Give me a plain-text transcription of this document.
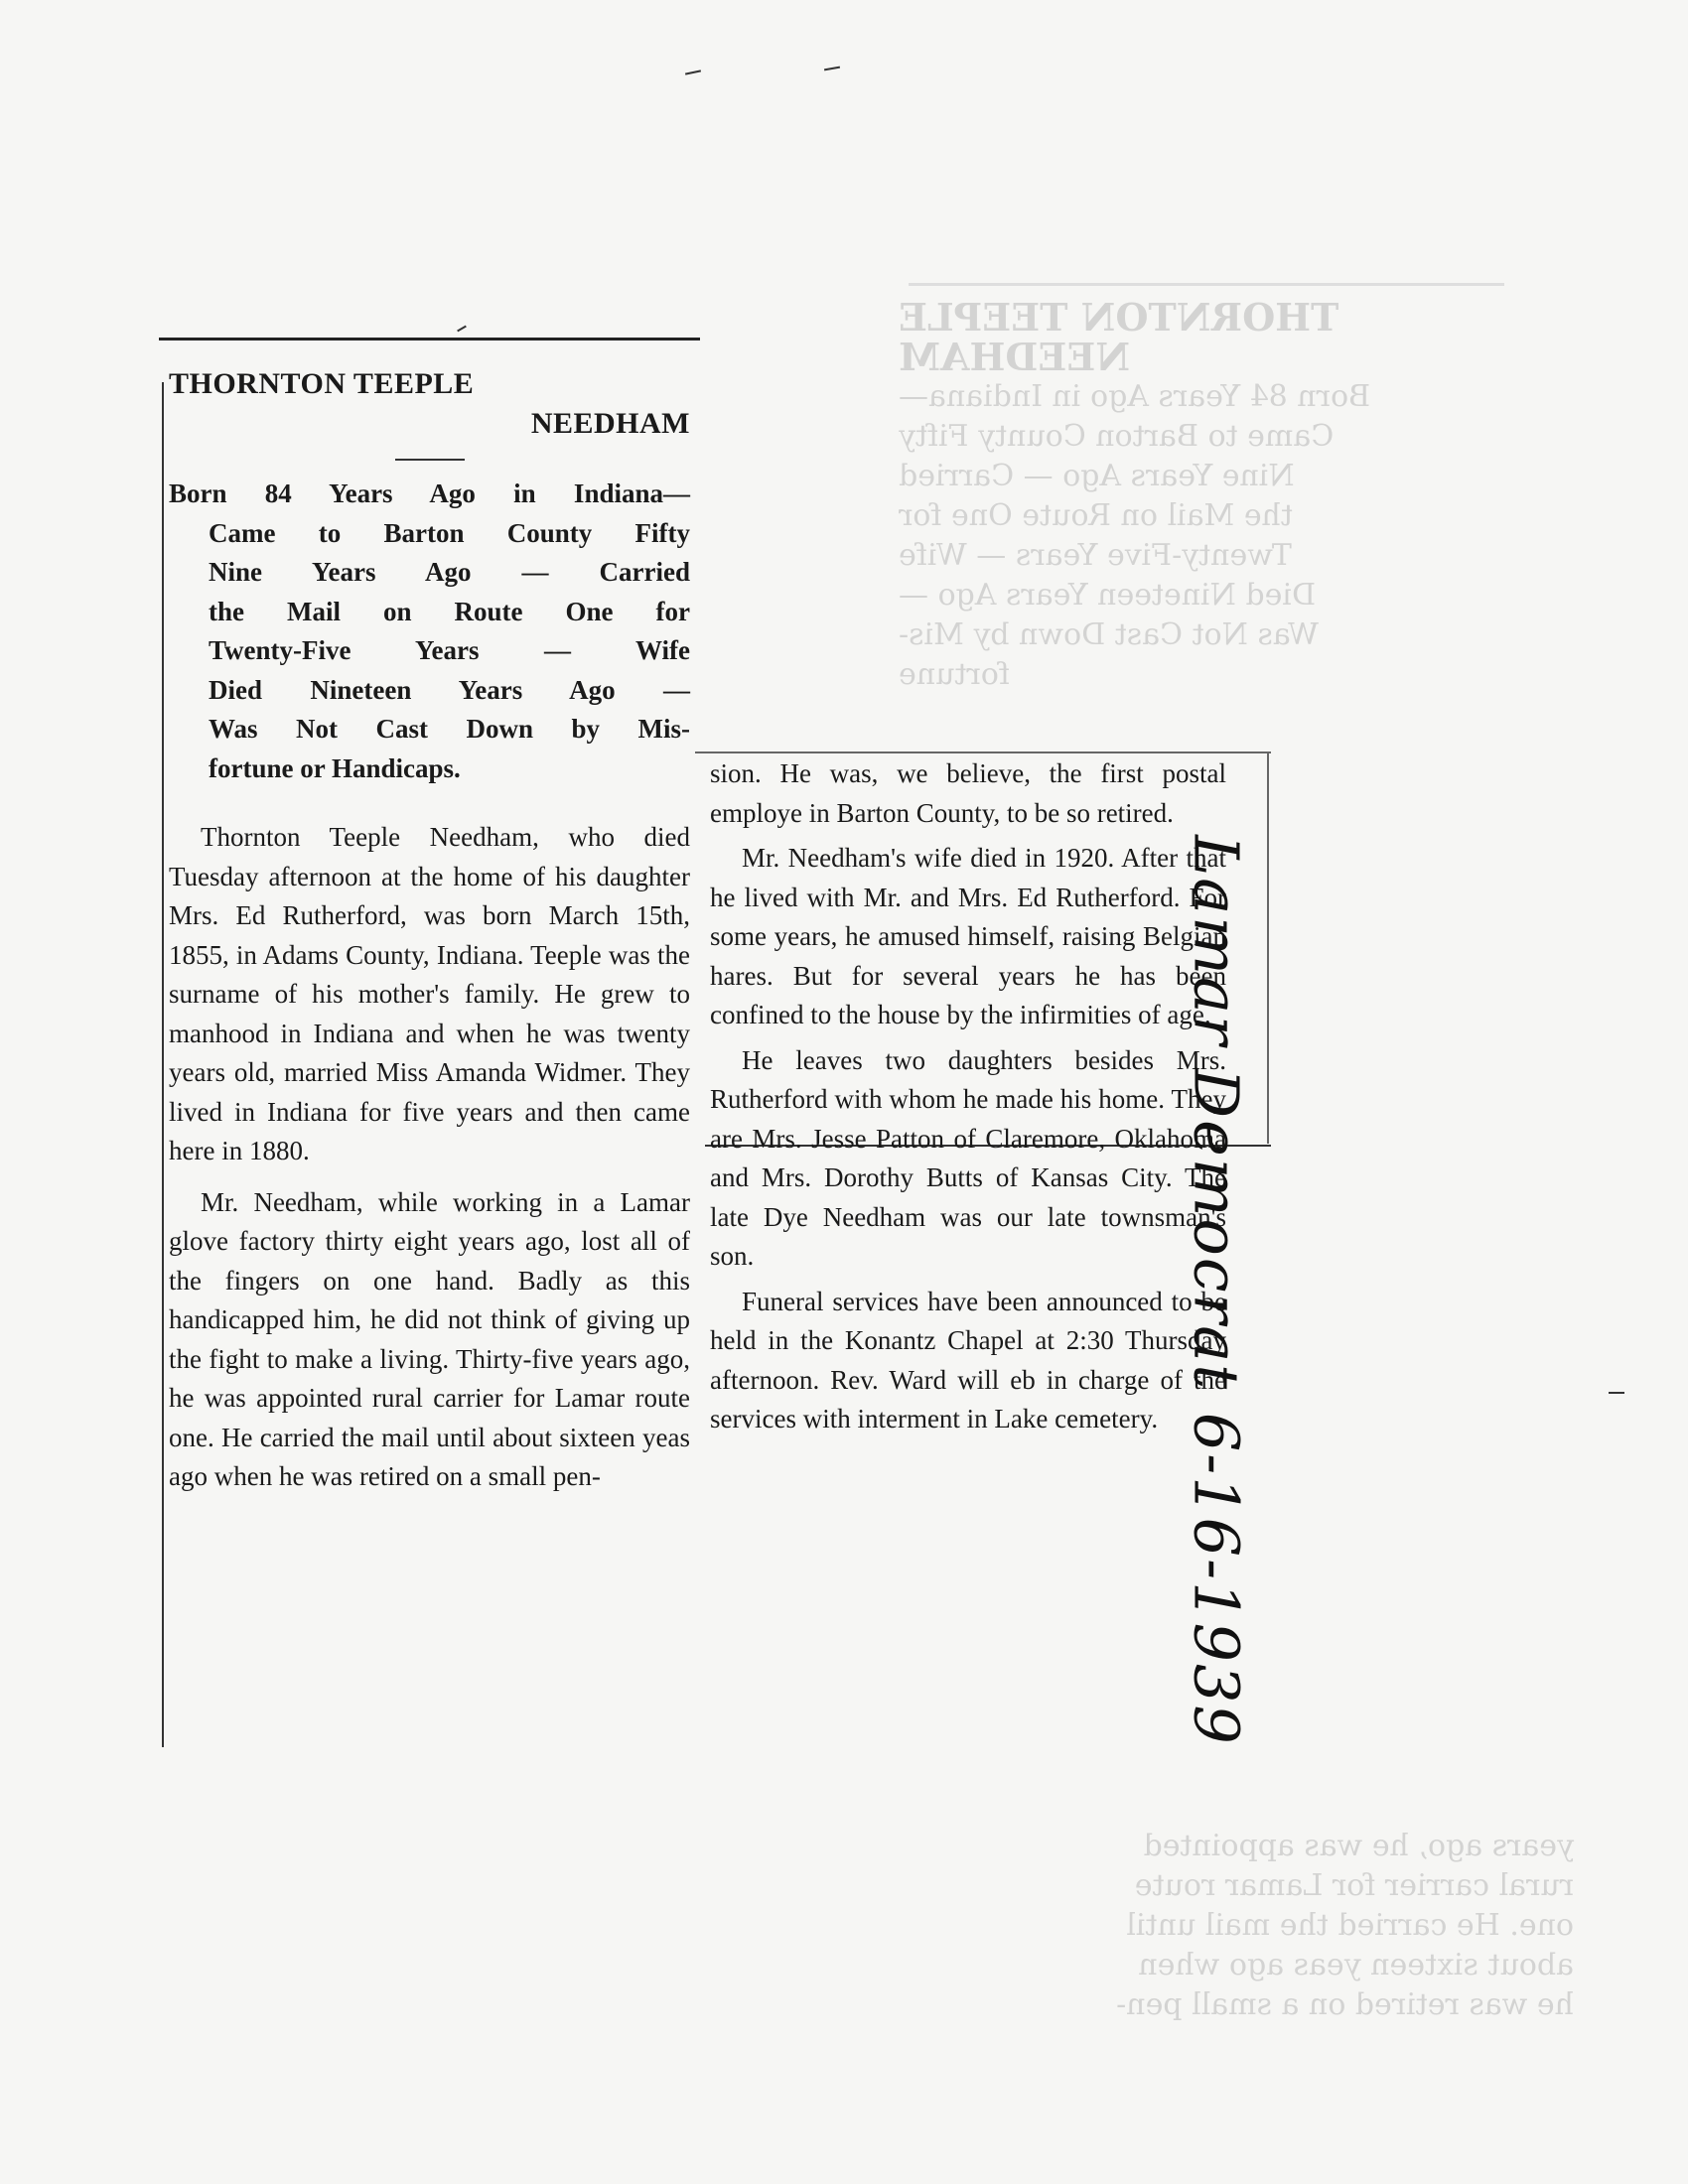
THORNTON TEEPLE
NEEDHAM
Born 84 Years Ago in Indiana—
Came to Barton County Fifty
Nine Years Ago — Carried
the Mail on Route One for
Twenty-Five Years — Wife
Died Nineteen Years Ago —
Was Not Cast Down by Mis-
fortune
years ago, he was appointed
rural carrier for Lamar route
one. He carried the mail until
about sixteen yeas ago when
he was retired on a small pen-
THORNTON TEEPLE
NEEDHAM
Born 84 Years Ago in Indiana—
Came to Barton County Fifty
Nine Years Ago — Carried
the Mail on Route One for
Twenty-Five Years — Wife
Died Nineteen Years Ago —
Was Not Cast Down by Mis-
fortune or Handicaps.

Thornton Teeple Needham, who died Tuesday afternoon at the home of his daughter Mrs. Ed Rutherford, was born March 15th, 1855, in Adams County, Indiana. Teeple was the surname of his mother's family. He grew to manhood in Indiana and when he was twenty years old, married Miss Amanda Widmer. They lived in Indiana for five years and then came here in 1880.

Mr. Needham, while working in a Lamar glove factory thirty eight years ago, lost all of the fingers on one hand. Badly as this handicapped him, he did not think of giving up the fight to make a living. Thirty-five years ago, he was appointed rural carrier for Lamar route one. He carried the mail until about sixteen yeas ago when he was retired on a small pen-

sion. He was, we believe, the first postal employe in Barton County, to be so retired.

Mr. Needham's wife died in 1920. After that he lived with Mr. and Mrs. Ed Rutherford. For some years, he amused himself, raising Belgian hares. But for several years he has been confined to the house by the infirmities of age.

He leaves two daughters besides Mrs. Rutherford with whom he made his home. They are Mrs. Jesse Patton of Claremore, Oklahoma and Mrs. Dorothy Butts of Kansas City. The late Dye Needham was our late townsman's son.

Funeral services have been announced to be held in the Konantz Chapel at 2:30 Thursday afternoon. Rev. Ward will eb in charge of the services with interment in Lake cemetery. Lamar Democrat 6-16-1939
